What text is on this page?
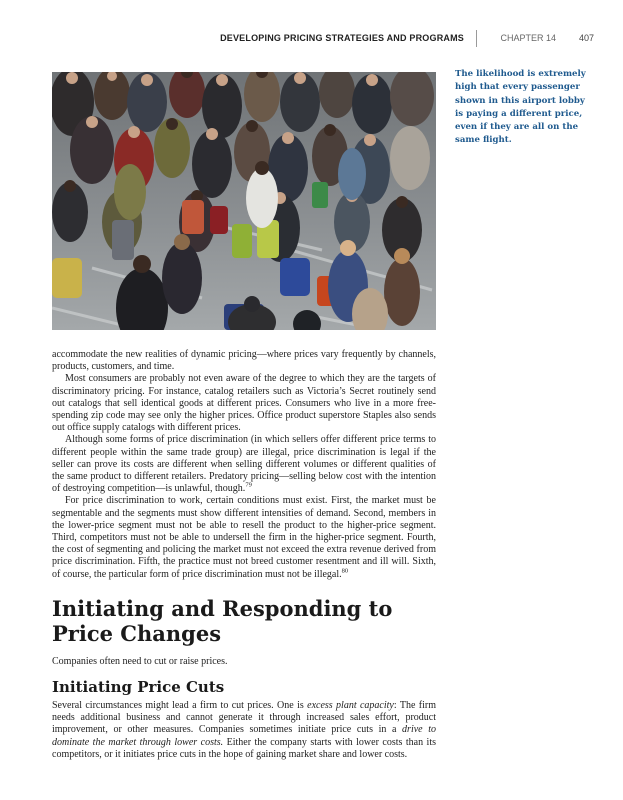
DEVELOPING PRICING STRATEGIES AND PROGRAMS	CHAPTER 14	407
The likelihood is extremely high that every passenger shown in this airport lobby is paying a different price, even if they are all on the same flight.

accommodate the new realities of dynamic pricing—where prices vary frequently by channels, products, customers, and time.

Most consumers are probably not even aware of the degree to which they are the targets of discriminatory pricing. For instance, catalog retailers such as Victoria’s Secret routinely send out catalogs that sell identical goods at different prices. Consumers who live in a more free-spending zip code may see only the higher prices. Office product superstore Staples also sends out office supply catalogs with different prices.

Although some forms of price discrimination (in which sellers offer different price terms to different people within the same trade group) are illegal, price discrimination is legal if the seller can prove its costs are different when selling different volumes or different qualities of the same product to different retailers. Predatory pricing—selling below cost with the intention of destroying competition—is unlawful, though.$^{79}$

For price discrimination to work, certain conditions must exist. First, the market must be segmentable and the segments must show different intensities of demand. Second, members in the lower-price segment must not be able to resell the product to the higher-price segment. Third, competitors must not be able to undersell the firm in the higher-price segment. Fourth, the cost of segmenting and policing the market must not exceed the extra revenue derived from price discrimination. Fifth, the practice must not breed customer resentment and ill will. Sixth, of course, the particular form of price discrimination must not be illegal.$^{80}$

Initiating and Responding to Price Changes

Companies often need to cut or raise prices.

Initiating Price Cuts

Several circumstances might lead a firm to cut prices. One is excess plant capacity: The firm needs additional business and cannot generate it through increased sales effort, product improvement, or other measures. Companies sometimes initiate price cuts in a drive to dominate the market through lower costs. Either the company starts with lower costs than its competitors, or it initiates price cuts in the hope of gaining market share and lower costs.
